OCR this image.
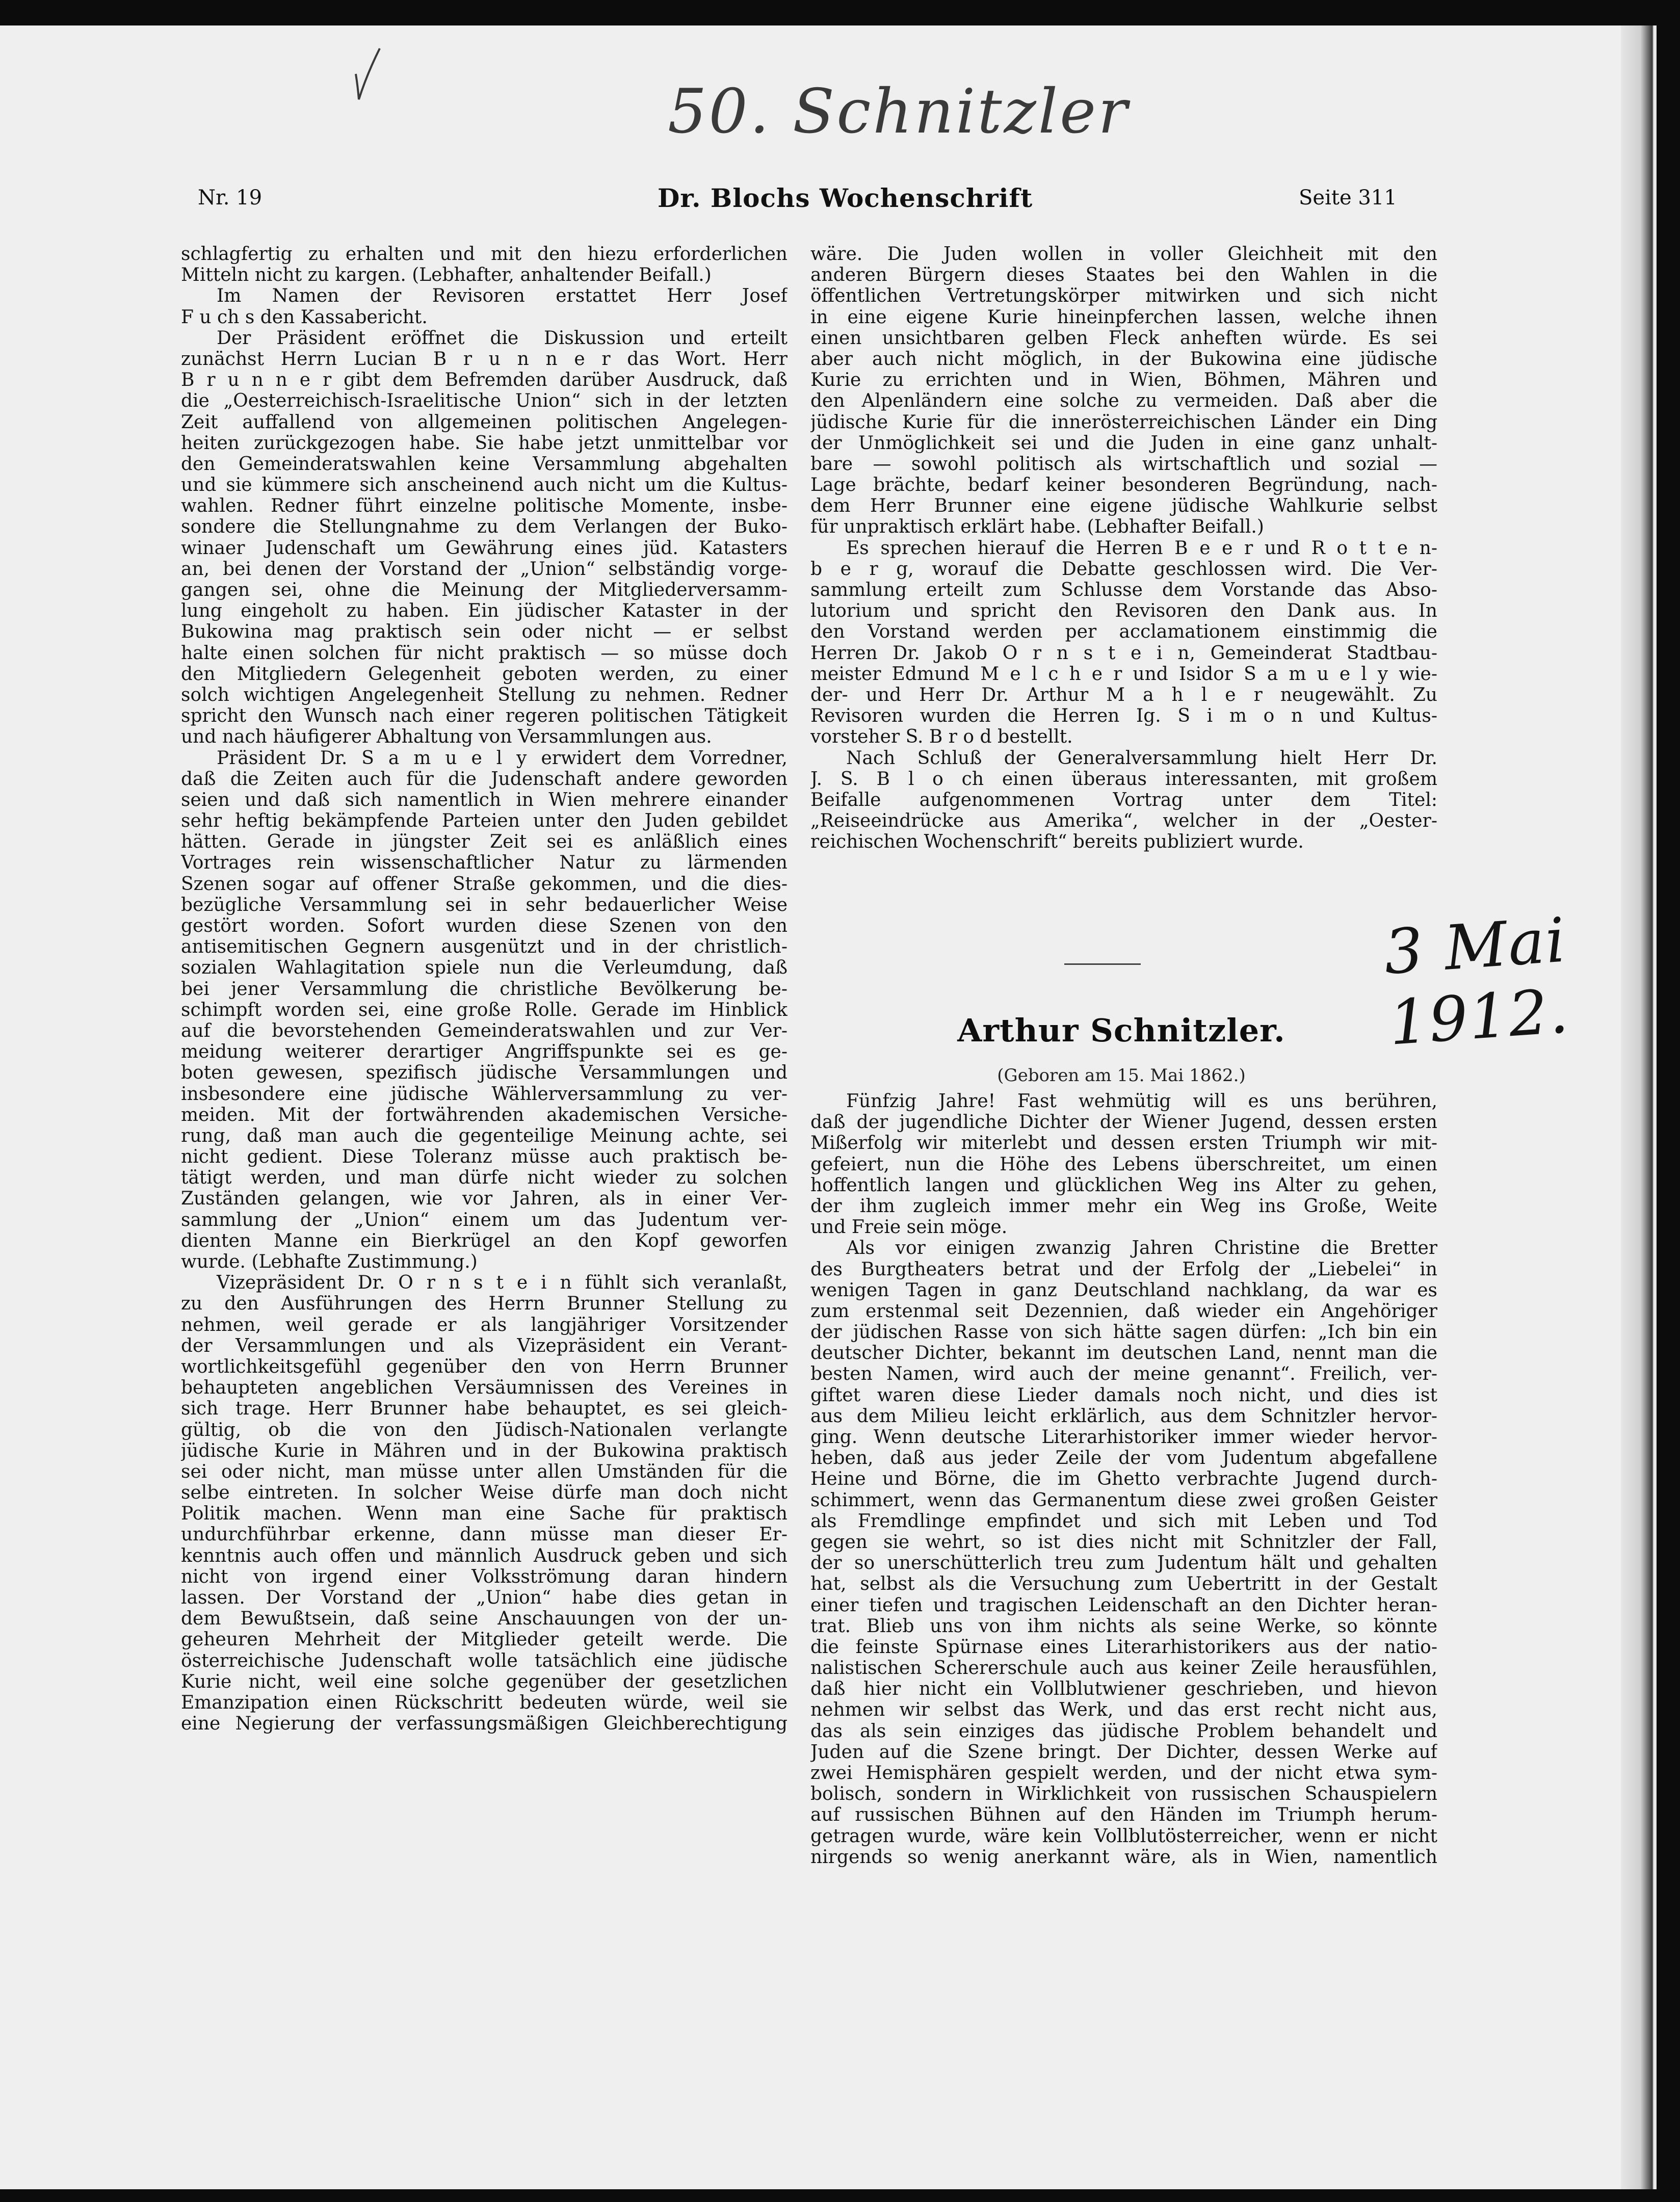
50. Schnitzler
3 Mai 1912.
Nr. 19	Dr. Blochs Wochenschrift	Seite 311
schlagfertig zu erhalten und mit den hiezu erforderlichen
Mitteln nicht zu kargen. (Lebhafter, anhaltender Beifall.)
Im Namen der Revisoren erstattet Herr Josef
F u ch s den Kassabericht.
Der Präsident eröffnet die Diskussion und erteilt
zunächst Herrn Lucian B r u n n e r das Wort. Herr
B r u n n e r gibt dem Befremden darüber Ausdruck, daß
die „Oesterreichisch-Israelitische Union“ sich in der letzten
Zeit auffallend von allgemeinen politischen Angelegen-
heiten zurückgezogen habe. Sie habe jetzt unmittelbar vor
den Gemeinderatswahlen keine Versammlung abgehalten
und sie kümmere sich anscheinend auch nicht um die Kultus-
wahlen. Redner führt einzelne politische Momente, insbe-
sondere die Stellungnahme zu dem Verlangen der Buko-
winaer Judenschaft um Gewährung eines jüd. Katasters
an, bei denen der Vorstand der „Union“ selbständig vorge-
gangen sei, ohne die Meinung der Mitgliederversamm-
lung eingeholt zu haben. Ein jüdischer Kataster in der
Bukowina mag praktisch sein oder nicht — er selbst
halte einen solchen für nicht praktisch — so müsse doch
den Mitgliedern Gelegenheit geboten werden, zu einer
solch wichtigen Angelegenheit Stellung zu nehmen. Redner
spricht den Wunsch nach einer regeren politischen Tätigkeit
und nach häufigerer Abhaltung von Versammlungen aus.
Präsident Dr. S a m u e l y erwidert dem Vorredner,
daß die Zeiten auch für die Judenschaft andere geworden
seien und daß sich namentlich in Wien mehrere einander
sehr heftig bekämpfende Parteien unter den Juden gebildet
hätten. Gerade in jüngster Zeit sei es anläßlich eines
Vortrages rein wissenschaftlicher Natur zu lärmenden
Szenen sogar auf offener Straße gekommen, und die dies-
bezügliche Versammlung sei in sehr bedauerlicher Weise
gestört worden. Sofort wurden diese Szenen von den
antisemitischen Gegnern ausgenützt und in der christlich-
sozialen Wahlagitation spiele nun die Verleumdung, daß
bei jener Versammlung die christliche Bevölkerung be-
schimpft worden sei, eine große Rolle. Gerade im Hinblick
auf die bevorstehenden Gemeinderatswahlen und zur Ver-
meidung weiterer derartiger Angriffspunkte sei es ge-
boten gewesen, spezifisch jüdische Versammlungen und
insbesondere eine jüdische Wählerversammlung zu ver-
meiden. Mit der fortwährenden akademischen Versiche-
rung, daß man auch die gegenteilige Meinung achte, sei
nicht gedient. Diese Toleranz müsse auch praktisch be-
tätigt werden, und man dürfe nicht wieder zu solchen
Zuständen gelangen, wie vor Jahren, als in einer Ver-
sammlung der „Union“ einem um das Judentum ver-
dienten Manne ein Bierkrügel an den Kopf geworfen
wurde. (Lebhafte Zustimmung.)
Vizepräsident Dr. O r n s t e i n fühlt sich veranlaßt,
zu den Ausführungen des Herrn Brunner Stellung zu
nehmen, weil gerade er als langjähriger Vorsitzender
der Versammlungen und als Vizepräsident ein Verant-
wortlichkeitsgefühl gegenüber den von Herrn Brunner
behaupteten angeblichen Versäumnissen des Vereines in
sich trage. Herr Brunner habe behauptet, es sei gleich-
gültig, ob die von den Jüdisch-Nationalen verlangte
jüdische Kurie in Mähren und in der Bukowina praktisch
sei oder nicht, man müsse unter allen Umständen für die
selbe eintreten. In solcher Weise dürfe man doch nicht
Politik machen. Wenn man eine Sache für praktisch
undurchführbar erkenne, dann müsse man dieser Er-
kenntnis auch offen und männlich Ausdruck geben und sich
nicht von irgend einer Volksströmung daran hindern
lassen. Der Vorstand der „Union“ habe dies getan in
dem Bewußtsein, daß seine Anschauungen von der un-
geheuren Mehrheit der Mitglieder geteilt werde. Die
österreichische Judenschaft wolle tatsächlich eine jüdische
Kurie nicht, weil eine solche gegenüber der gesetzlichen
Emanzipation einen Rückschritt bedeuten würde, weil sie
eine Negierung der verfassungsmäßigen Gleichberechtigung
wäre. Die Juden wollen in voller Gleichheit mit den
anderen Bürgern dieses Staates bei den Wahlen in die
öffentlichen Vertretungskörper mitwirken und sich nicht
in eine eigene Kurie hineinpferchen lassen, welche ihnen
einen unsichtbaren gelben Fleck anheften würde. Es sei
aber auch nicht möglich, in der Bukowina eine jüdische
Kurie zu errichten und in Wien, Böhmen, Mähren und
den Alpenländern eine solche zu vermeiden. Daß aber die
jüdische Kurie für die innerösterreichischen Länder ein Ding
der Unmöglichkeit sei und die Juden in eine ganz unhalt-
bare — sowohl politisch als wirtschaftlich und sozial —
Lage brächte, bedarf keiner besonderen Begründung, nach-
dem Herr Brunner eine eigene jüdische Wahlkurie selbst
für unpraktisch erklärt habe. (Lebhafter Beifall.)
Es sprechen hierauf die Herren B e e r und R o t t e n-
b e r g, worauf die Debatte geschlossen wird. Die Ver-
sammlung erteilt zum Schlusse dem Vorstande das Abso-
lutorium und spricht den Revisoren den Dank aus. In
den Vorstand werden per acclamationem einstimmig die
Herren Dr. Jakob O r n s t e i n, Gemeinderat Stadtbau-
meister Edmund M e l c h e r und Isidor S a m u e l y wie-
der- und Herr Dr. Arthur M a h l e r neugewählt. Zu
Revisoren wurden die Herren Ig. S i m o n und Kultus-
vorsteher S. B r o d bestellt.
Nach Schluß der Generalversammlung hielt Herr Dr.
J. S. B l o ch einen überaus interessanten, mit großem
Beifalle aufgenommenen Vortrag unter dem Titel:
„Reiseeindrücke aus Amerika“, welcher in der „Oester-
reichischen Wochenschrift“ bereits publiziert wurde.
Arthur Schnitzler.
(Geboren am 15. Mai 1862.)
Fünfzig Jahre! Fast wehmütig will es uns berühren,
daß der jugendliche Dichter der Wiener Jugend, dessen ersten
Mißerfolg wir miterlebt und dessen ersten Triumph wir mit-
gefeiert, nun die Höhe des Lebens überschreitet, um einen
hoffentlich langen und glücklichen Weg ins Alter zu gehen,
der ihm zugleich immer mehr ein Weg ins Große, Weite
und Freie sein möge.
Als vor einigen zwanzig Jahren Christine die Bretter
des Burgtheaters betrat und der Erfolg der „Liebelei“ in
wenigen Tagen in ganz Deutschland nachklang, da war es
zum erstenmal seit Dezennien, daß wieder ein Angehöriger
der jüdischen Rasse von sich hätte sagen dürfen: „Ich bin ein
deutscher Dichter, bekannt im deutschen Land, nennt man die
besten Namen, wird auch der meine genannt“. Freilich, ver-
giftet waren diese Lieder damals noch nicht, und dies ist
aus dem Milieu leicht erklärlich, aus dem Schnitzler hervor-
ging. Wenn deutsche Literarhistoriker immer wieder hervor-
heben, daß aus jeder Zeile der vom Judentum abgefallene
Heine und Börne, die im Ghetto verbrachte Jugend durch-
schimmert, wenn das Germanentum diese zwei großen Geister
als Fremdlinge empfindet und sich mit Leben und Tod
gegen sie wehrt, so ist dies nicht mit Schnitzler der Fall,
der so unerschütterlich treu zum Judentum hält und gehalten
hat, selbst als die Versuchung zum Uebertritt in der Gestalt
einer tiefen und tragischen Leidenschaft an den Dichter heran-
trat. Blieb uns von ihm nichts als seine Werke, so könnte
die feinste Spürnase eines Literarhistorikers aus der natio-
nalistischen Schererschule auch aus keiner Zeile herausfühlen,
daß hier nicht ein Vollblutwiener geschrieben, und hievon
nehmen wir selbst das Werk, und das erst recht nicht aus,
das als sein einziges das jüdische Problem behandelt und
Juden auf die Szene bringt. Der Dichter, dessen Werke auf
zwei Hemisphären gespielt werden, und der nicht etwa sym-
bolisch, sondern in Wirklichkeit von russischen Schauspielern
auf russischen Bühnen auf den Händen im Triumph herum-
getragen wurde, wäre kein Vollblutösterreicher, wenn er nicht
nirgends so wenig anerkannt wäre, als in Wien, namentlich
